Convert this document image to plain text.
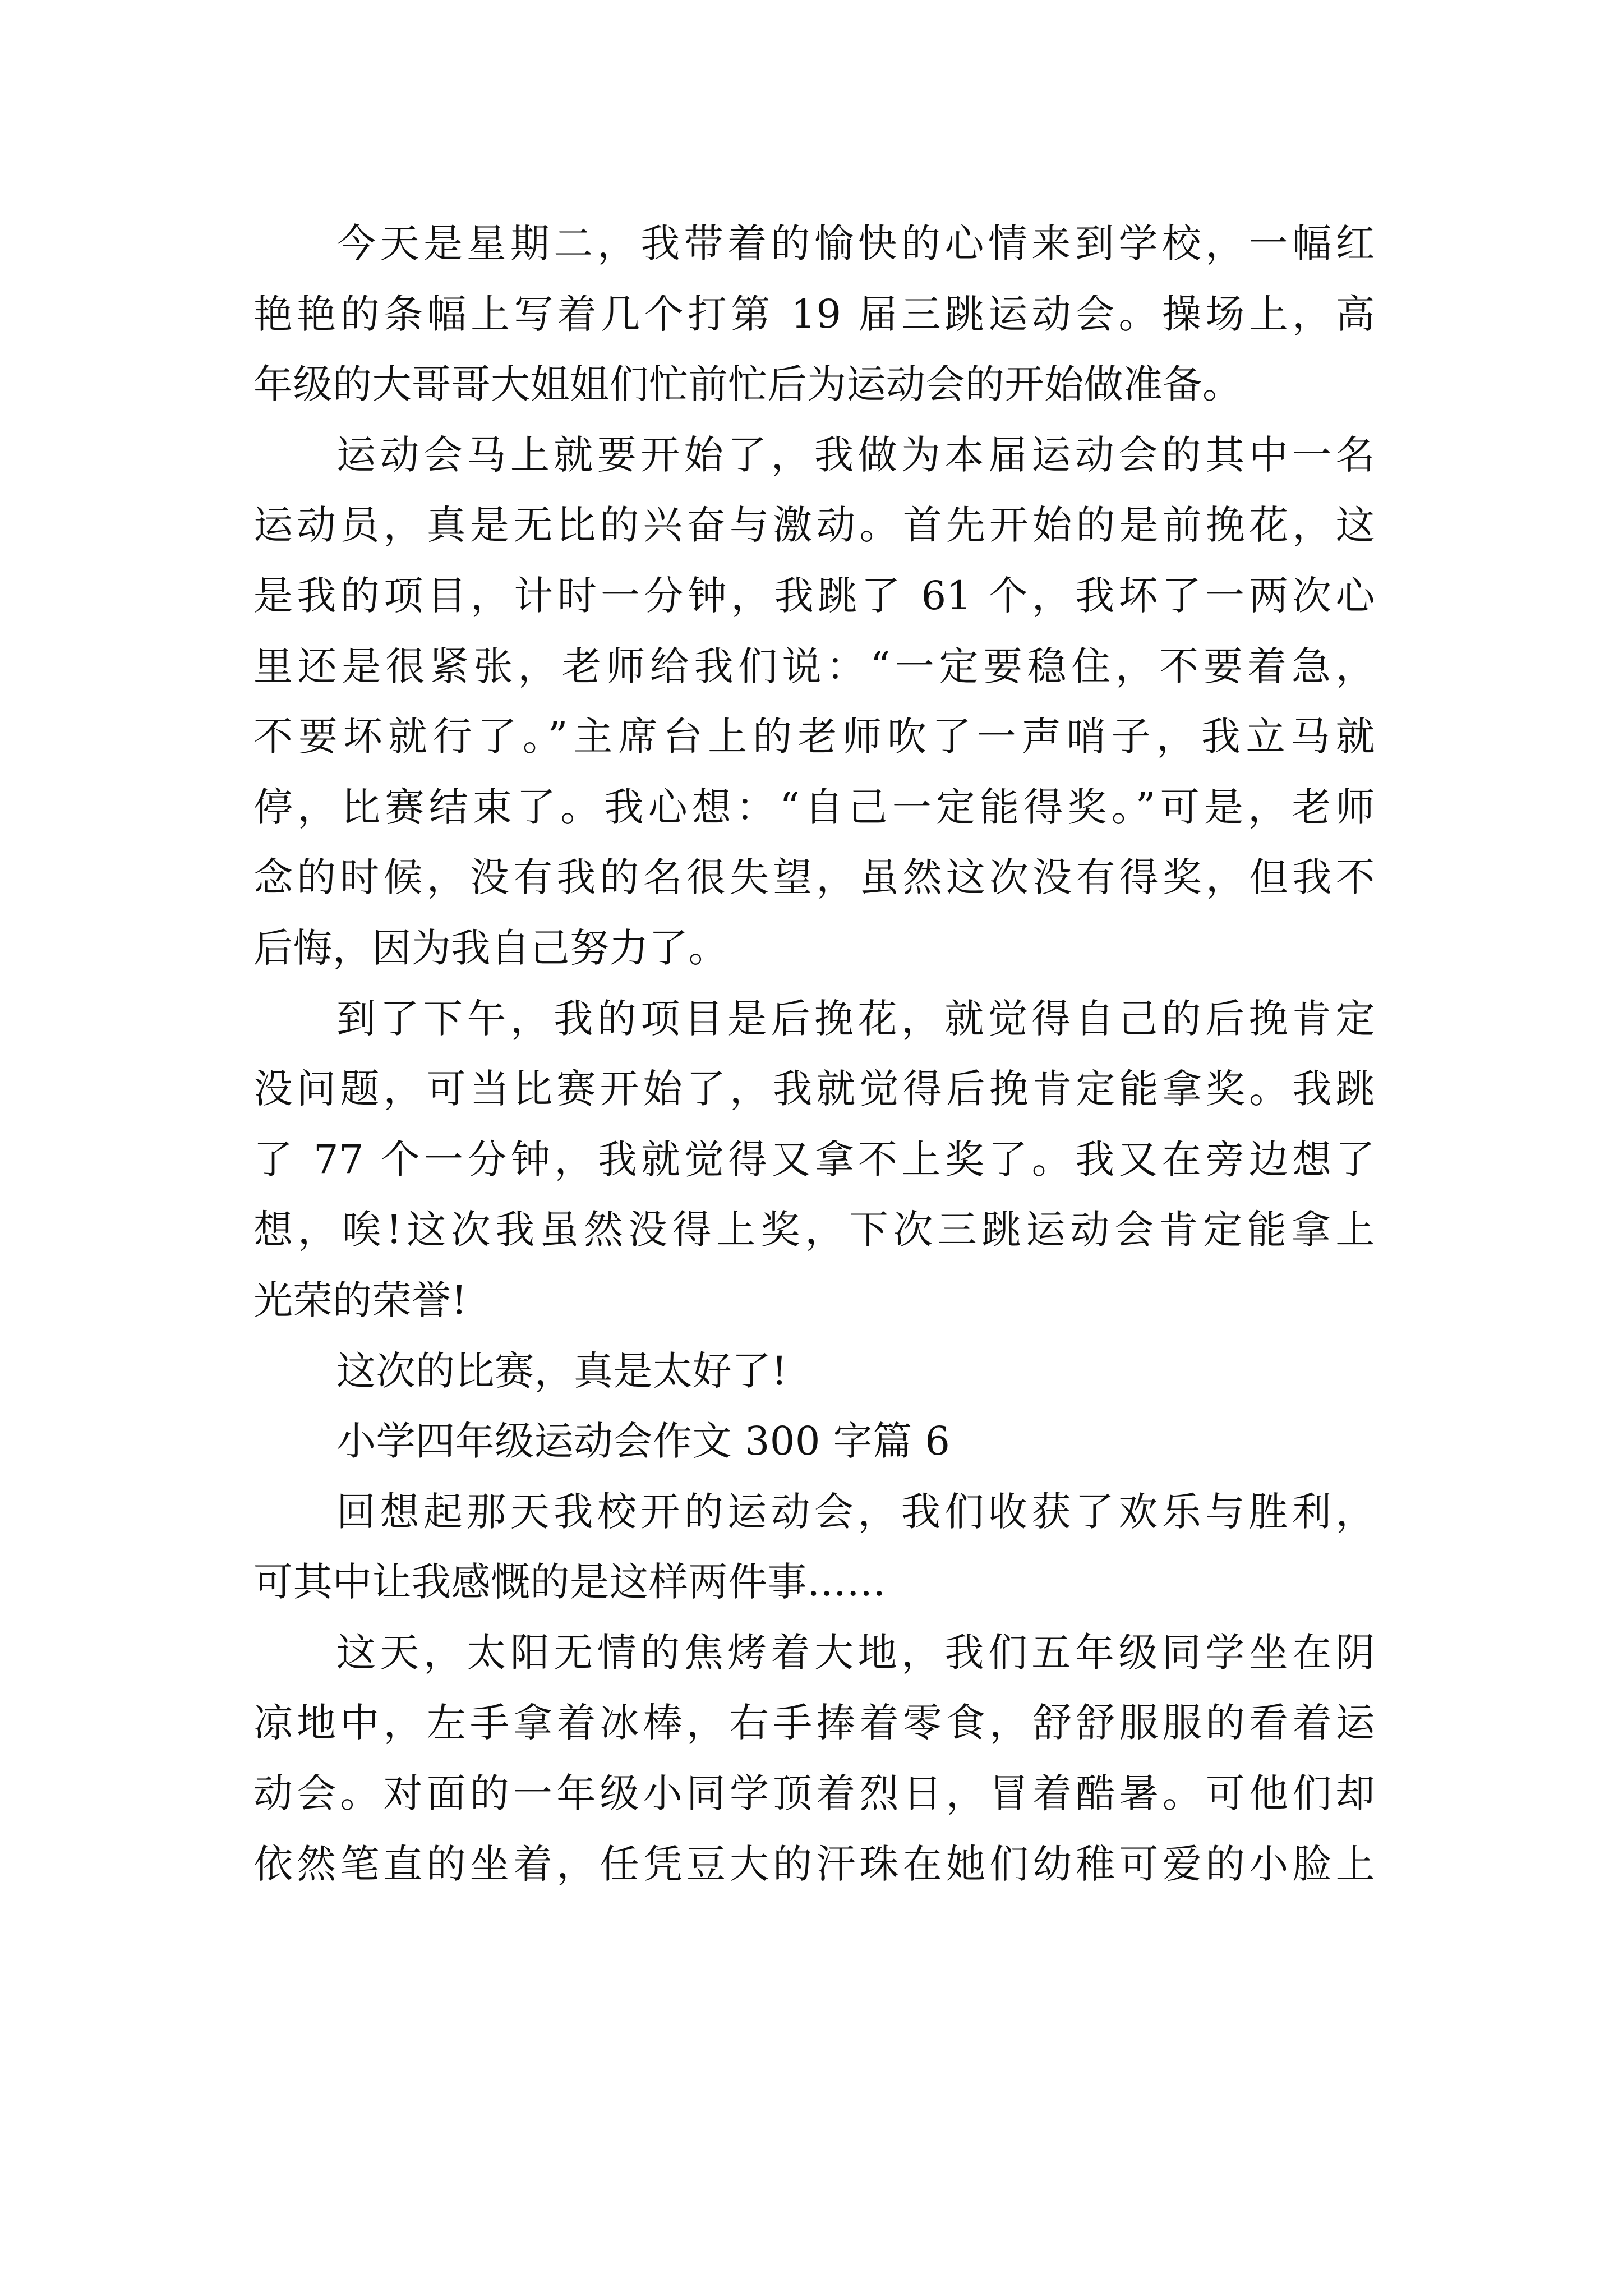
今天是星期二，我带着的愉快的心情来到学校，一幅红
艳艳的条幅上写着几个打第 19 届三跳运动会。操场上，高
年级的大哥哥大姐姐们忙前忙后为运动会的开始做准备。
运动会马上就要开始了，我做为本届运动会的其中一名
运动员，真是无比的兴奋与激动。首先开始的是前挽花，这
是我的项目，计时一分钟，我跳了 61 个，我坏了一两次心
里还是很紧张，老师给我们说：“一定要稳住，不要着急，
不要坏就行了。”主席台上的老师吹了一声哨子，我立马就
停，比赛结束了。我心想：“自己一定能得奖。”可是，老师
念的时候，没有我的名很失望，虽然这次没有得奖，但我不
后悔，因为我自己努力了。
到了下午，我的项目是后挽花，就觉得自己的后挽肯定
没问题，可当比赛开始了，我就觉得后挽肯定能拿奖。我跳
了 77 个一分钟，我就觉得又拿不上奖了。我又在旁边想了
想，唉!这次我虽然没得上奖，下次三跳运动会肯定能拿上
光荣的荣誉!
这次的比赛，真是太好了!
小学四年级运动会作文 300 字篇 6
回想起那天我校开的运动会，我们收获了欢乐与胜利，
可其中让我感慨的是这样两件事……
这天，太阳无情的焦烤着大地，我们五年级同学坐在阴
凉地中，左手拿着冰棒，右手捧着零食，舒舒服服的看着运
动会。对面的一年级小同学顶着烈日，冒着酷暑。可他们却
依然笔直的坐着，任凭豆大的汗珠在她们幼稚可爱的小脸上
